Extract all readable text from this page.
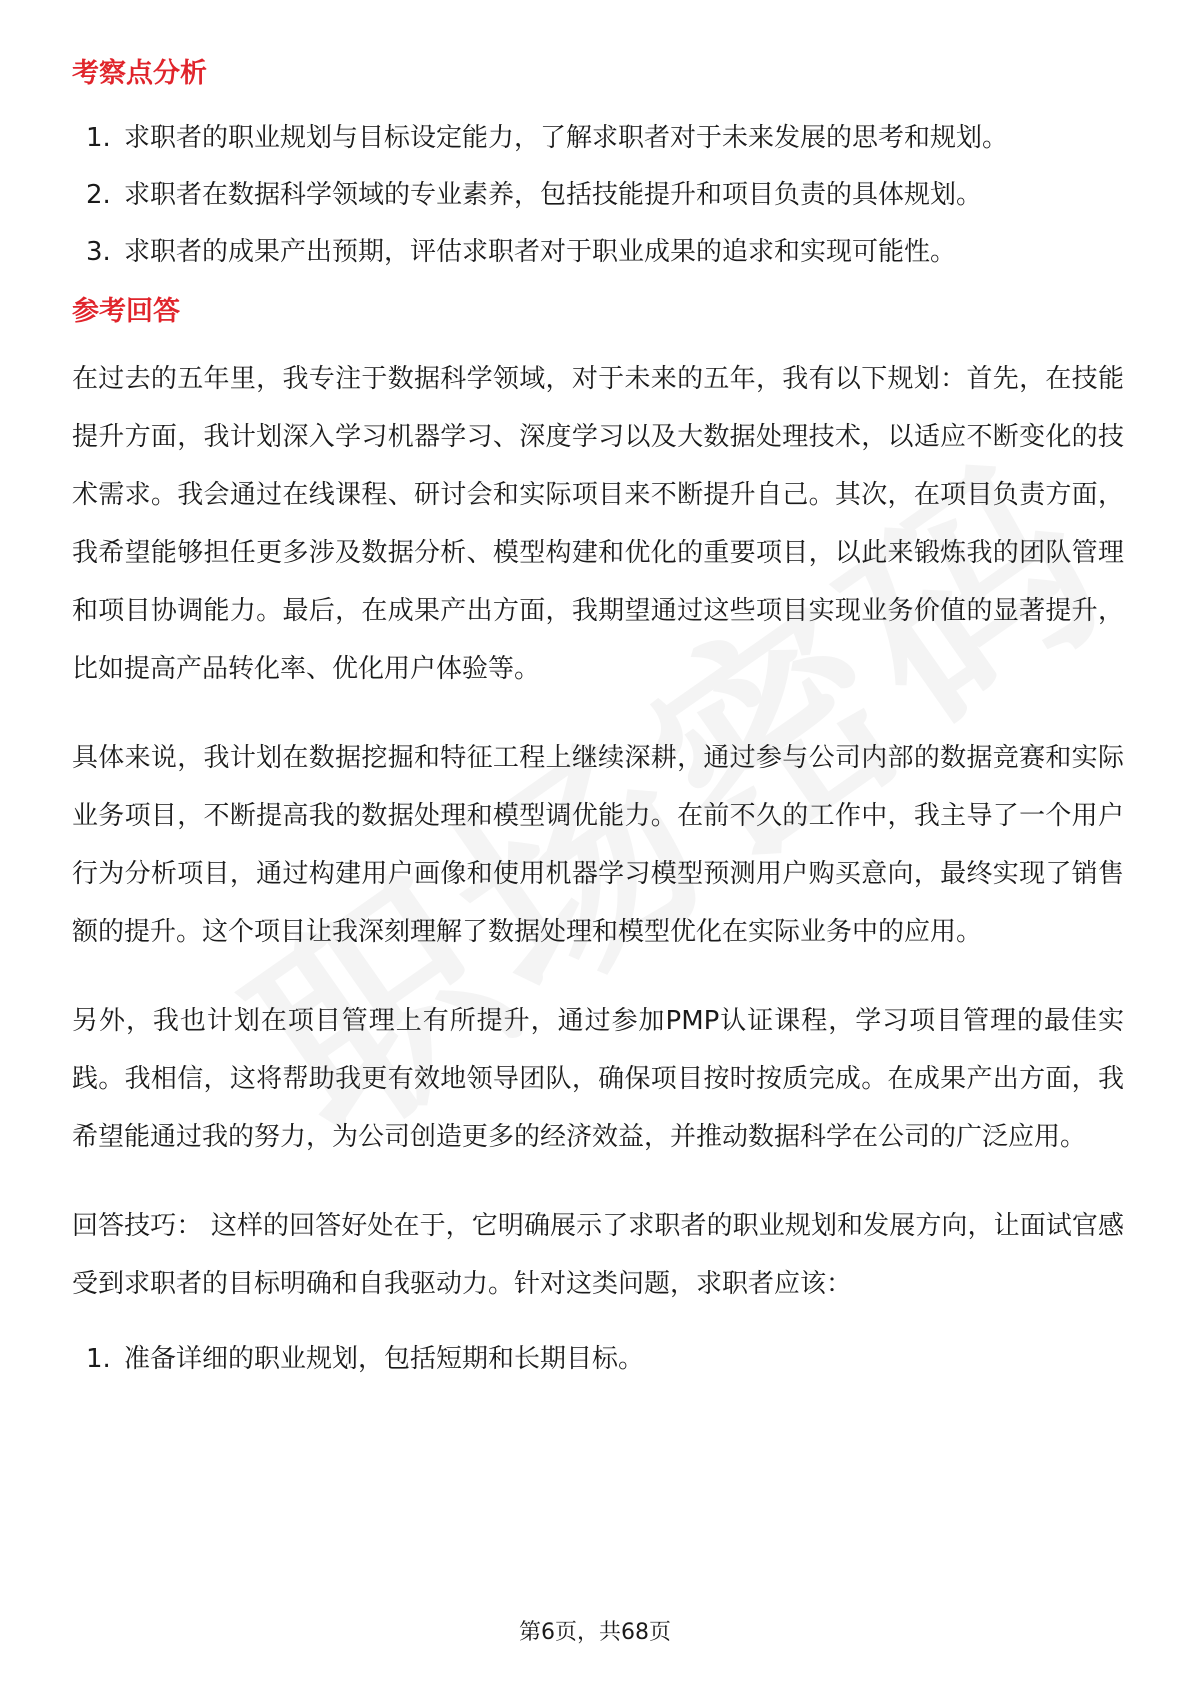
考察点分析
1. 求职者的职业规划与目标设定能力，了解求职者对于未来发展的思考和规划。
2. 求职者在数据科学领域的专业素养，包括技能提升和项目负责的具体规划。
3. 求职者的成果产出预期，评估求职者对于职业成果的追求和实现可能性。
参考回答

在过去的五年里，我专注于数据科学领域，对于未来的五年，我有以下规划：首先，在技能提升方面，我计划深入学习机器学习、深度学习以及大数据处理技术，以适应不断变化的技术需求。我会通过在线课程、研讨会和实际项目来不断提升自己。其次，在项目负责方面，我希望能够担任更多涉及数据分析、模型构建和优化的重要项目，以此来锻炼我的团队管理和项目协调能力。最后，在成果产出方面，我期望通过这些项目实现业务价值的显著提升，比如提高产品转化率、优化用户体验等。

具体来说，我计划在数据挖掘和特征工程上继续深耕，通过参与公司内部的数据竞赛和实际业务项目，不断提高我的数据处理和模型调优能力。在前不久的工作中，我主导了一个用户行为分析项目，通过构建用户画像和使用机器学习模型预测用户购买意向，最终实现了销售额的提升。这个项目让我深刻理解了数据处理和模型优化在实际业务中的应用。

另外，我也计划在项目管理上有所提升，通过参加PMP认证课程，学习项目管理的最佳实践。我相信，这将帮助我更有效地领导团队，确保项目按时按质完成。在成果产出方面，我希望能通过我的努力，为公司创造更多的经济效益，并推动数据科学在公司的广泛应用。

回答技巧： 这样的回答好处在于，它明确展示了求职者的职业规划和发展方向，让面试官感受到求职者的目标明确和自我驱动力。针对这类问题，求职者应该：

1. 准备详细的职业规划，包括短期和长期目标。
第6页，共68页
